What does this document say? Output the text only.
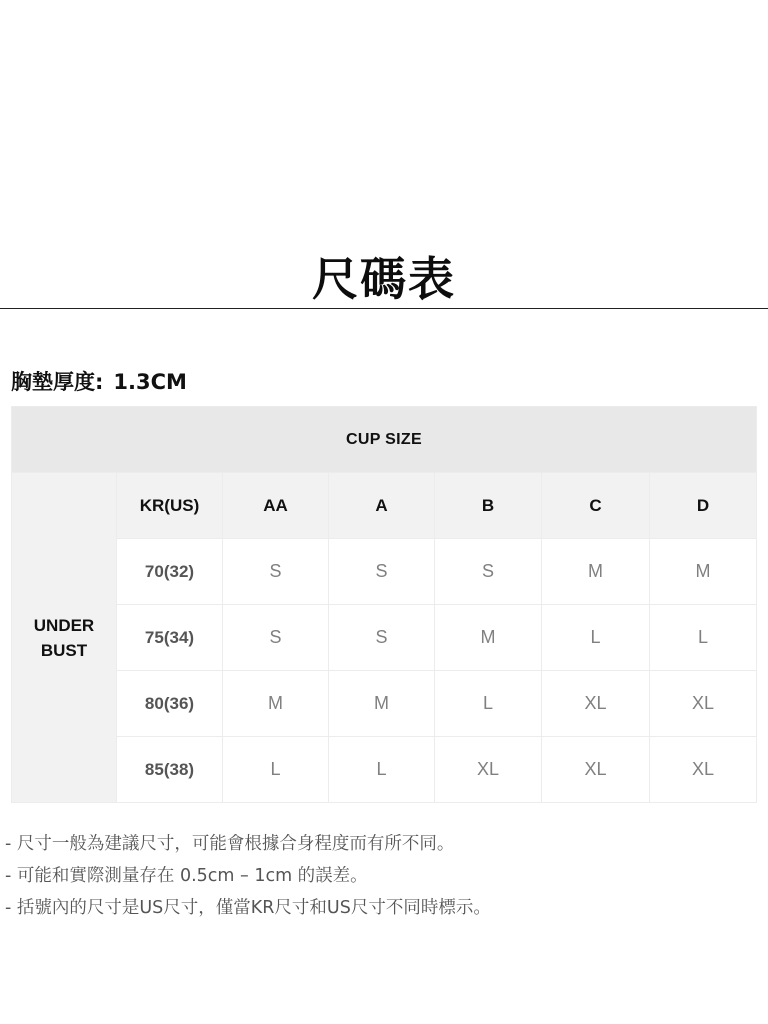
尺碼表
胸墊厚度: 1.3CM
CUP SIZE						
UNDER
BUST	KR(US)	AA	A	B	C	D
	70(32)	S	S	S	M	M
	75(34)	S	S	M	L	L
	80(36)	M	M	L	XL	XL
	85(38)	L	L	XL	XL	XL
- 尺寸一般為建議尺寸，可能會根據合身程度而有所不同。
- 可能和實際測量存在 0.5cm – 1cm 的誤差。
- 括號內的尺寸是US尺寸，僅當KR尺寸和US尺寸不同時標示。
